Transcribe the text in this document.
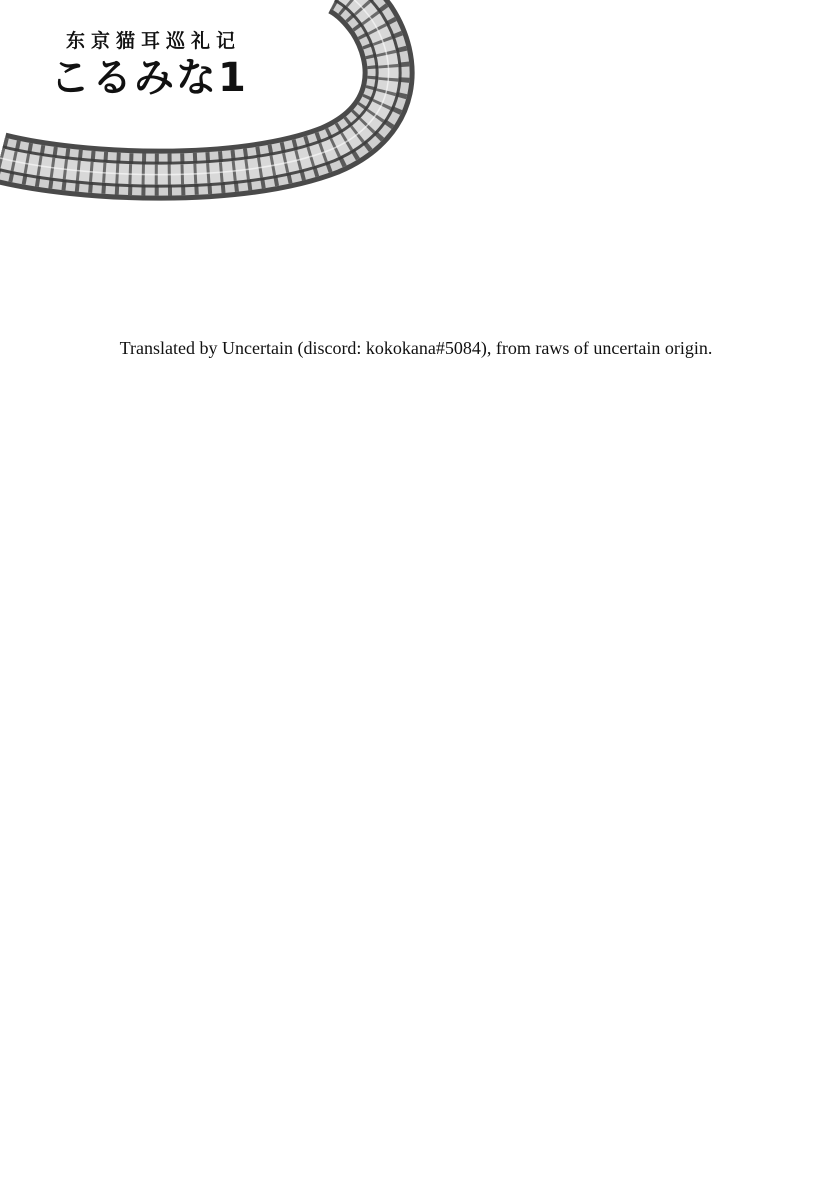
东京猫耳巡礼记
こるみな1
Translated by Uncertain (discord: kokokana#5084), from raws of uncertain origin.
